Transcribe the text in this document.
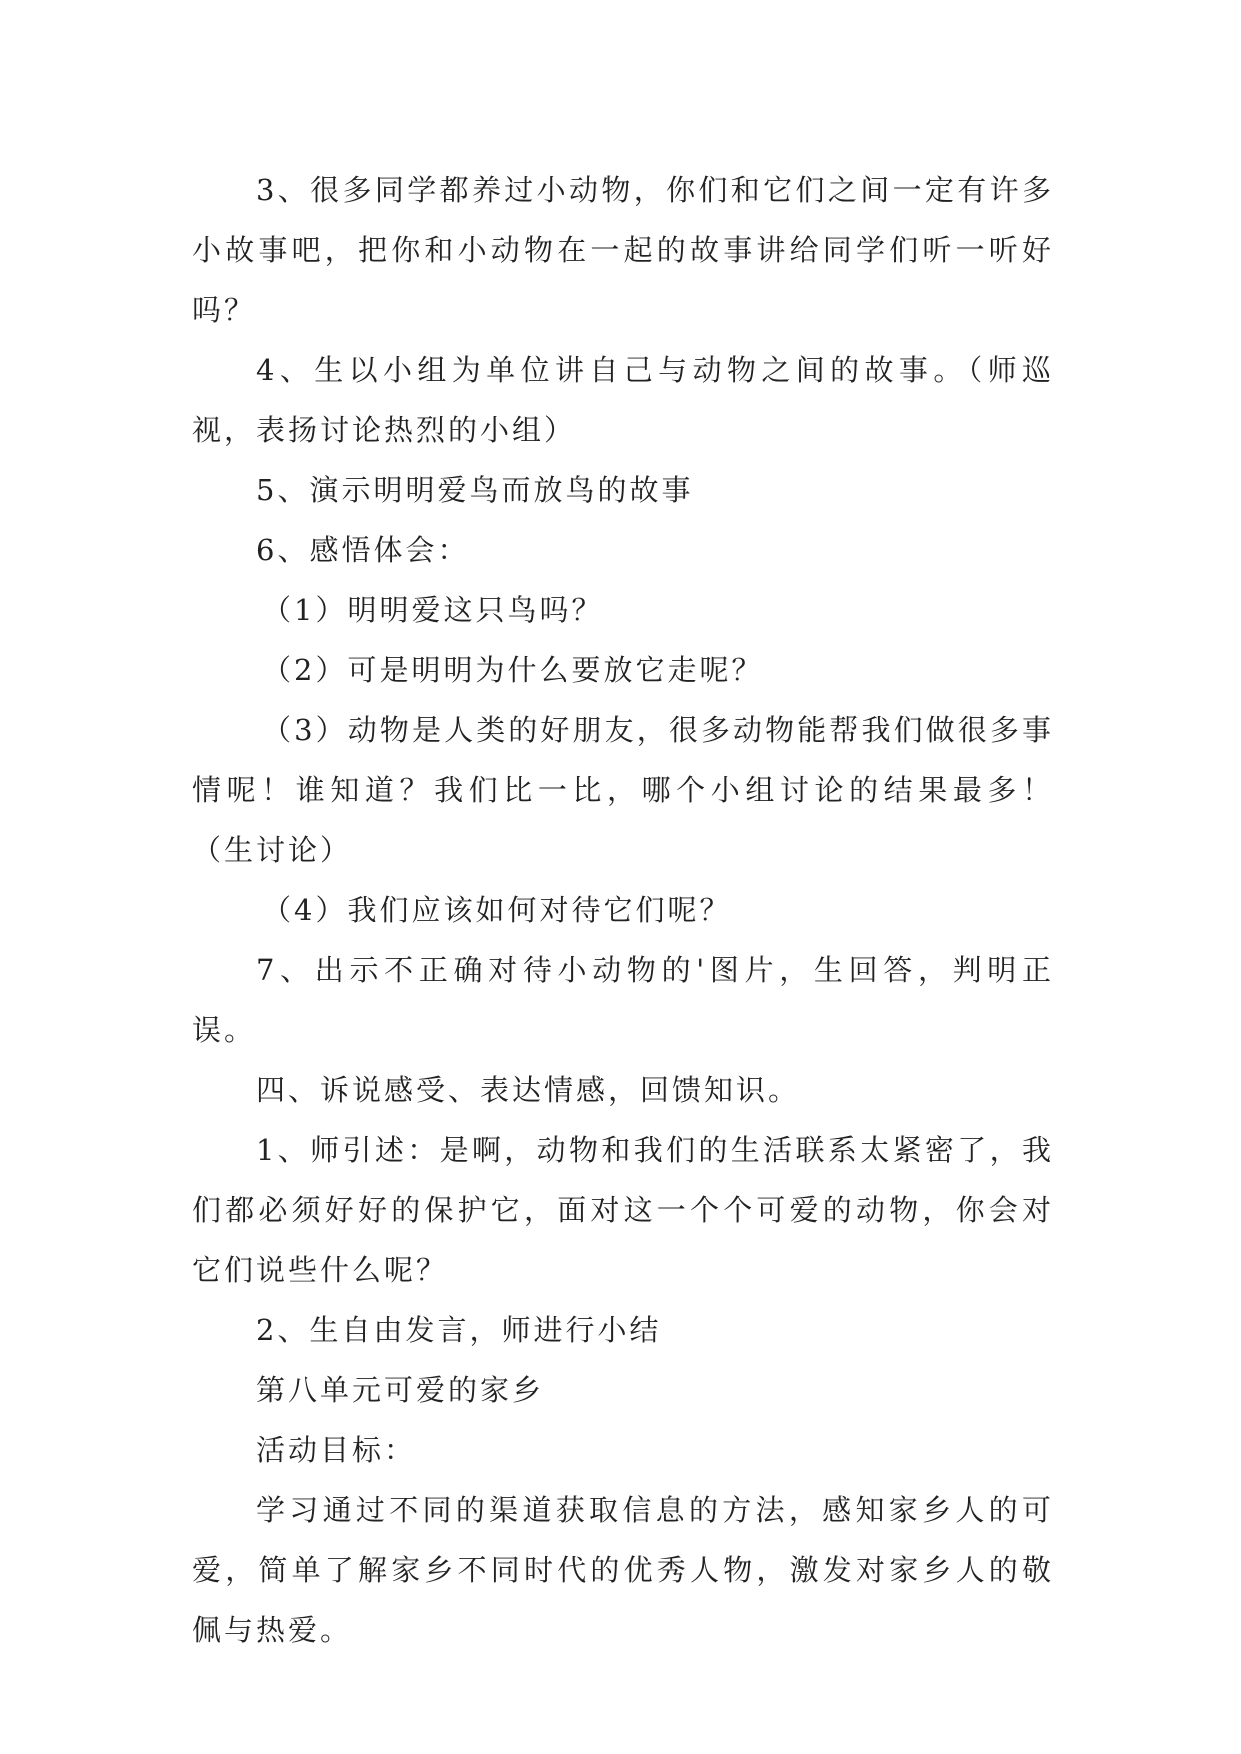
3、很多同学都养过小动物，你们和它们之间一定有许多小故事吧，把你和小动物在一起的故事讲给同学们听一听好吗？

4、生以小组为单位讲自己与动物之间的故事。（师巡视，表扬讨论热烈的小组）

5、演示明明爱鸟而放鸟的故事

6、感悟体会：

（1）明明爱这只鸟吗？

（2）可是明明为什么要放它走呢？

（3）动物是人类的好朋友，很多动物能帮我们做很多事情呢！谁知道？我们比一比，哪个小组讨论的结果最多！（生讨论）

（4）我们应该如何对待它们呢？

7、出示不正确对待小动物的'图片，生回答，判明正误。

四、诉说感受、表达情感，回馈知识。

1、师引述：是啊，动物和我们的生活联系太紧密了，我们都必须好好的保护它，面对这一个个可爱的动物，你会对它们说些什么呢？

2、生自由发言，师进行小结

第八单元可爱的家乡

活动目标：

学习通过不同的渠道获取信息的方法，感知家乡人的可爱，简单了解家乡不同时代的优秀人物，激发对家乡人的敬佩与热爱。
